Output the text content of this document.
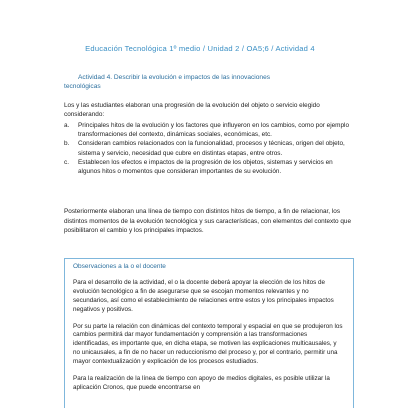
Educación Tecnológica 1º medio / Unidad 2 / OA5;6 / Actividad 4
Actividad 4. Describir la evolución e impactos de las innovaciones
tecnológicas
Los y las estudiantes elaboran una progresión de la evolución del objeto o servicio elegido considerando:
a. Principales hitos de la evolución y los factores que influyeron en los cambios, como por ejemplo transformaciones del contexto, dinámicas sociales, económicas, etc.
b. Consideran cambios relacionados con la funcionalidad, procesos y técnicas, origen del objeto, sistema y servicio, necesidad que cubre en distintas etapas, entre otros.
c. Establecen los efectos e impactos de la progresión de los objetos, sistemas y servicios en algunos hitos o momentos que consideran importantes de su evolución.
Posteriormente elaboran una línea de tiempo con distintos hitos de tiempo, a fin de relacionar, los distintos momentos de la evolución tecnológica y sus características, con elementos del contexto que posibilitaron el cambio y los principales impactos.
Observaciones a la o el docente

Para el desarrollo de la actividad, el o la docente deberá apoyar la elección de los hitos de evolución tecnológico a fin de asegurarse que se escojan momentos relevantes y no secundarios, así como el establecimiento de relaciones entre estos y los principales impactos negativos y positivos.

Por su parte la relación con dinámicas del contexto temporal y espacial en que se produjeron los cambios permitirá dar mayor fundamentación y comprensión a las transformaciones identificadas, es importante que, en dicha etapa, se motiven las explicaciones multicausales, y no unicausales, a fin de no hacer un reduccionismo del proceso y, por el contrario, permitir una mayor contextualización y explicación de los procesos estudiados.

Para la realización de la línea de tiempo con apoyo de medios digitales, es posible utilizar la aplicación Cronos, que puede encontrarse en
